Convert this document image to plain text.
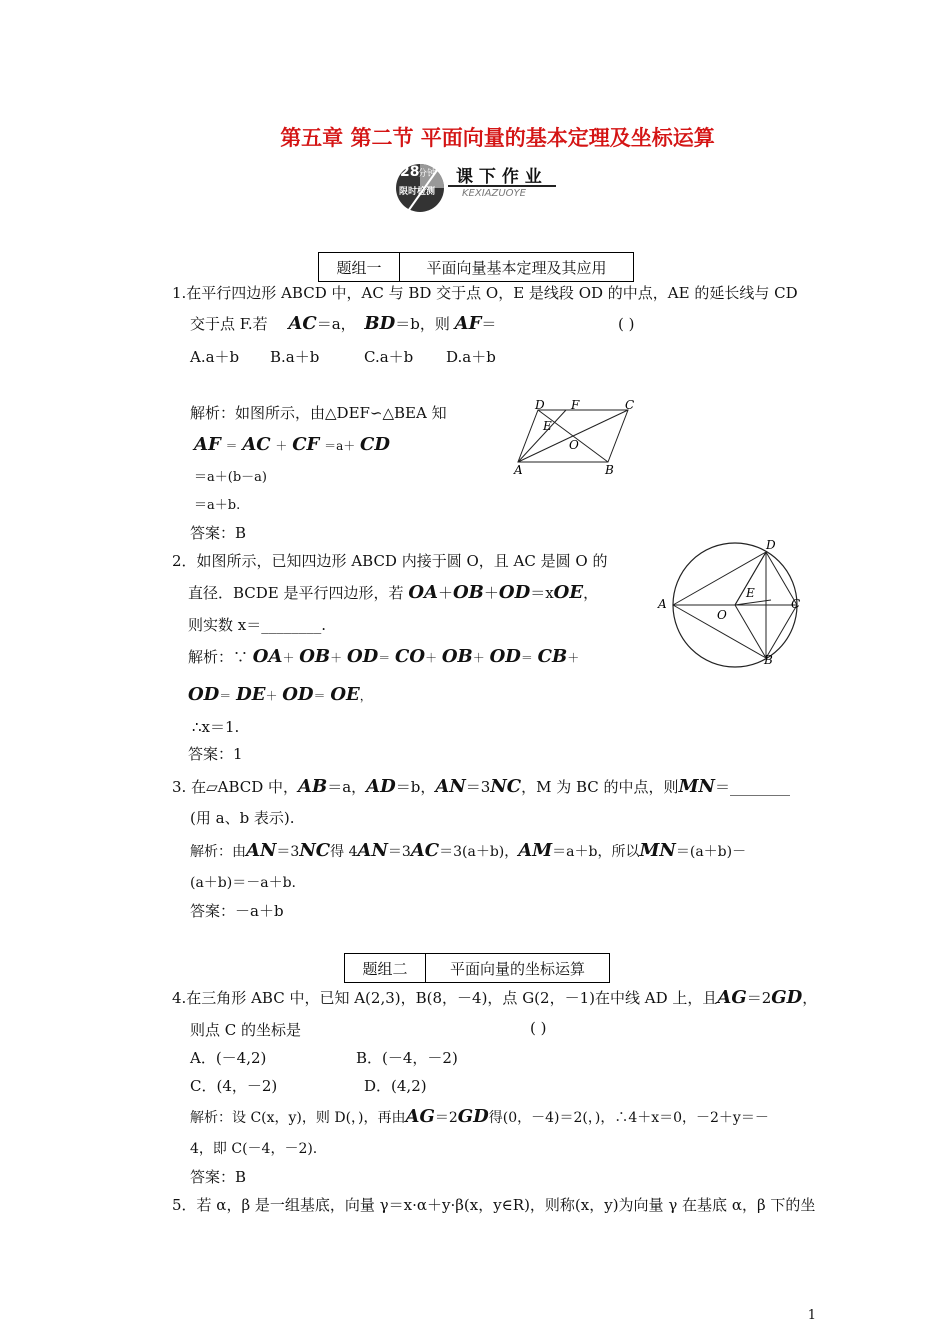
第五章 第二节 平面向量的基本定理及坐标运算
28
分钟
限时检测
课 下 作 业
KEXIAZUOYE
题组一	平面向量基本定理及其应用
1.在平行四边形 ABCD 中，AC 与 BD 交于点 O，E 是线段 OD 的中点，AE 的延长线与 CD
交于点 F.若 AC＝a， BD＝b，则 AF＝	( )
A.a＋b B.a＋b	C.a＋b D.a＋b
解析：如图所示，由△DEF∽△BEA 知
AF ＝ AC ＋ CF ＝a＋ CD
＝a＋(b－a)
＝a＋b.
答案：B
D F	C
E
O
A	B
2．如图所示，已知四边形 ABCD 内接于圆 O，且 AC 是圆 O 的
直径．BCDE 是平行四边形，若 OA＋OB＋OD＝xOE，
则实数 x＝________.
解析：∵ OA＋ OB＋ OD＝ CO＋ OB＋ OD＝ CB＋
OD＝ DE＋ OD＝ OE，
∴x＝1.
答案：1
D
A
O
E
C
B
3. 在▱ABCD 中，AB＝a，AD＝b，AN＝3NC，M 为 BC 的中点，则MN＝________
(用 a、b 表示).
解析：由AN＝3NC得 4AN＝3AC＝3(a＋b)，AM＝a＋b，所以MN＝(a＋b)－
(a＋b)＝－a＋b.
答案：－a＋b
题组二	平面向量的坐标运算
4.在三角形 ABC 中，已知 A(2,3)，B(8，－4)，点 G(2，－1)在中线 AD 上，且AG＝2GD，
则点 C 的坐标是	( )
A．(－4,2)	B．(－4，－2)
C．(4，－2)	D．(4,2)
解析：设 C(x，y)，则 D(，)，再由AG＝2GD得(0，－4)＝2(，)，∴4＋x＝0，－2＋y＝－
4，即 C(－4，－2).
答案：B
5．若 α，β 是一组基底，向量 γ＝x·α＋y·β(x，y∈R)，则称(x，y)为向量 γ 在基底 α，β 下的坐
1
